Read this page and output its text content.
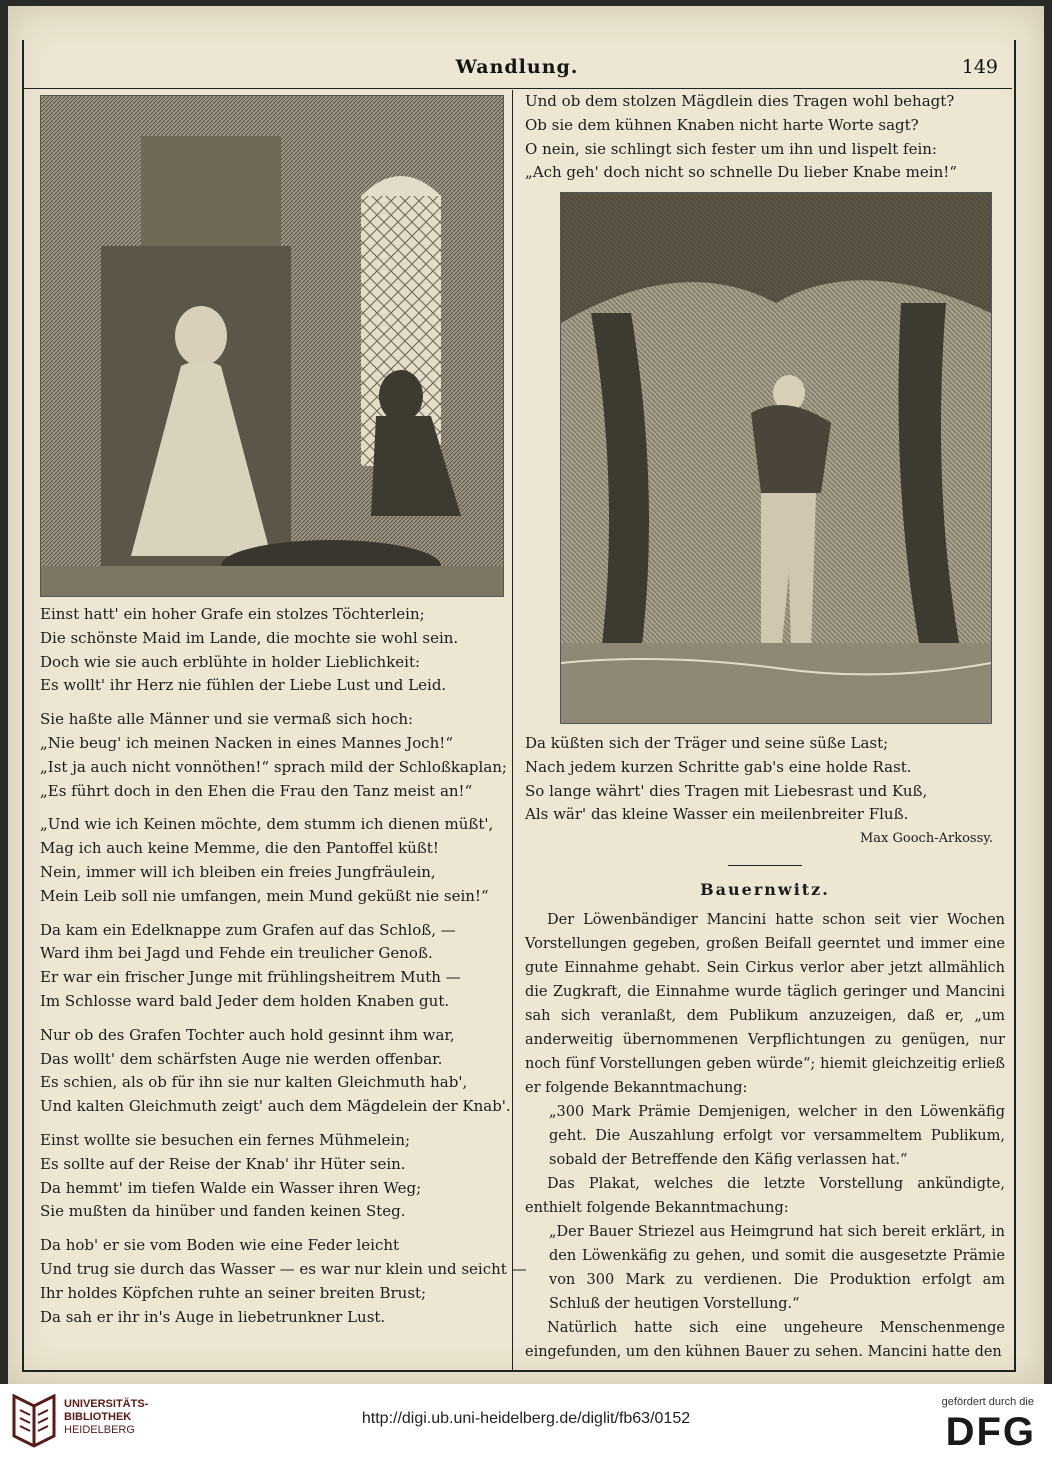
Wandlung.	149

Einst hatt' ein hoher Grafe ein stolzes Töchterlein;

Die schönste Maid im Lande, die mochte sie wohl sein.

Doch wie sie auch erblühte in holder Lieblichkeit:

Es wollt' ihr Herz nie fühlen der Liebe Lust und Leid.

Sie haßte alle Männer und sie vermaß sich hoch:

„Nie beug' ich meinen Nacken in eines Mannes Joch!“

„Ist ja auch nicht vonnöthen!“ sprach mild der Schloßkaplan;

„Es führt doch in den Ehen die Frau den Tanz meist an!“

„Und wie ich Keinen möchte, dem stumm ich dienen müßt',

Mag ich auch keine Memme, die den Pantoffel küßt!

Nein, immer will ich bleiben ein freies Jungfräulein,

Mein Leib soll nie umfangen, mein Mund geküßt nie sein!“

Da kam ein Edelknappe zum Grafen auf das Schloß, —

Ward ihm bei Jagd und Fehde ein treulicher Genoß.

Er war ein frischer Junge mit frühlingsheitrem Muth —

Im Schlosse ward bald Jeder dem holden Knaben gut.

Nur ob des Grafen Tochter auch hold gesinnt ihm war,

Das wollt' dem schärfsten Auge nie werden offenbar.

Es schien, als ob für ihn sie nur kalten Gleichmuth hab',

Und kalten Gleichmuth zeigt' auch dem Mägdelein der Knab'.

Einst wollte sie besuchen ein fernes Mühmelein;

Es sollte auf der Reise der Knab' ihr Hüter sein.

Da hemmt' im tiefen Walde ein Wasser ihren Weg;

Sie mußten da hinüber und fanden keinen Steg.

Da hob' er sie vom Boden wie eine Feder leicht

Und trug sie durch das Wasser — es war nur klein und seicht —

Ihr holdes Köpfchen ruhte an seiner breiten Brust;

Da sah er ihr in's Auge in liebetrunkner Lust.

Und ob dem stolzen Mägdlein dies Tragen wohl behagt?

Ob sie dem kühnen Knaben nicht harte Worte sagt?

O nein, sie schlingt sich fester um ihn und lispelt fein:

„Ach geh' doch nicht so schnelle Du lieber Knabe mein!“

Da küßten sich der Träger und seine süße Last;

Nach jedem kurzen Schritte gab's eine holde Rast.

So lange währt' dies Tragen mit Liebesrast und Kuß,

Als wär' das kleine Wasser ein meilenbreiter Fluß.

Max Gooch-Arkossy.
Bauernwitz.

Der Löwenbändiger Mancini hatte schon seit vier Wochen Vorstellungen gegeben, großen Beifall geerntet und immer eine gute Einnahme gehabt. Sein Cirkus verlor aber jetzt allmählich die Zugkraft, die Einnahme wurde täglich geringer und Mancini sah sich veranlaßt, dem Publikum anzuzeigen, daß er, „um anderweitig übernommenen Verpflichtungen zu genügen, nur noch fünf Vorstellungen geben würde“; hiemit gleichzeitig erließ er folgende Bekanntmachung:

„300 Mark Prämie Demjenigen, welcher in den Löwenkäfig geht. Die Auszahlung erfolgt vor versammeltem Publikum, sobald der Betreffende den Käfig verlassen hat.“

Das Plakat, welches die letzte Vorstellung ankündigte, enthielt folgende Bekanntmachung:

„Der Bauer Striezel aus Heimgrund hat sich bereit erklärt, in den Löwenkäfig zu gehen, und somit die ausgesetzte Prämie von 300 Mark zu verdienen. Die Produktion erfolgt am Schluß der heutigen Vorstellung.“

Natürlich hatte sich eine ungeheure Menschenmenge eingefunden, um den kühnen Bauer zu sehen. Mancini hatte den

UNIVERSITÄTS-
BIBLIOTHEK
HEIDELBERG
http://digi.ub.uni-heidelberg.de/diglit/fb63/0152
gefördert durch die
DFG
